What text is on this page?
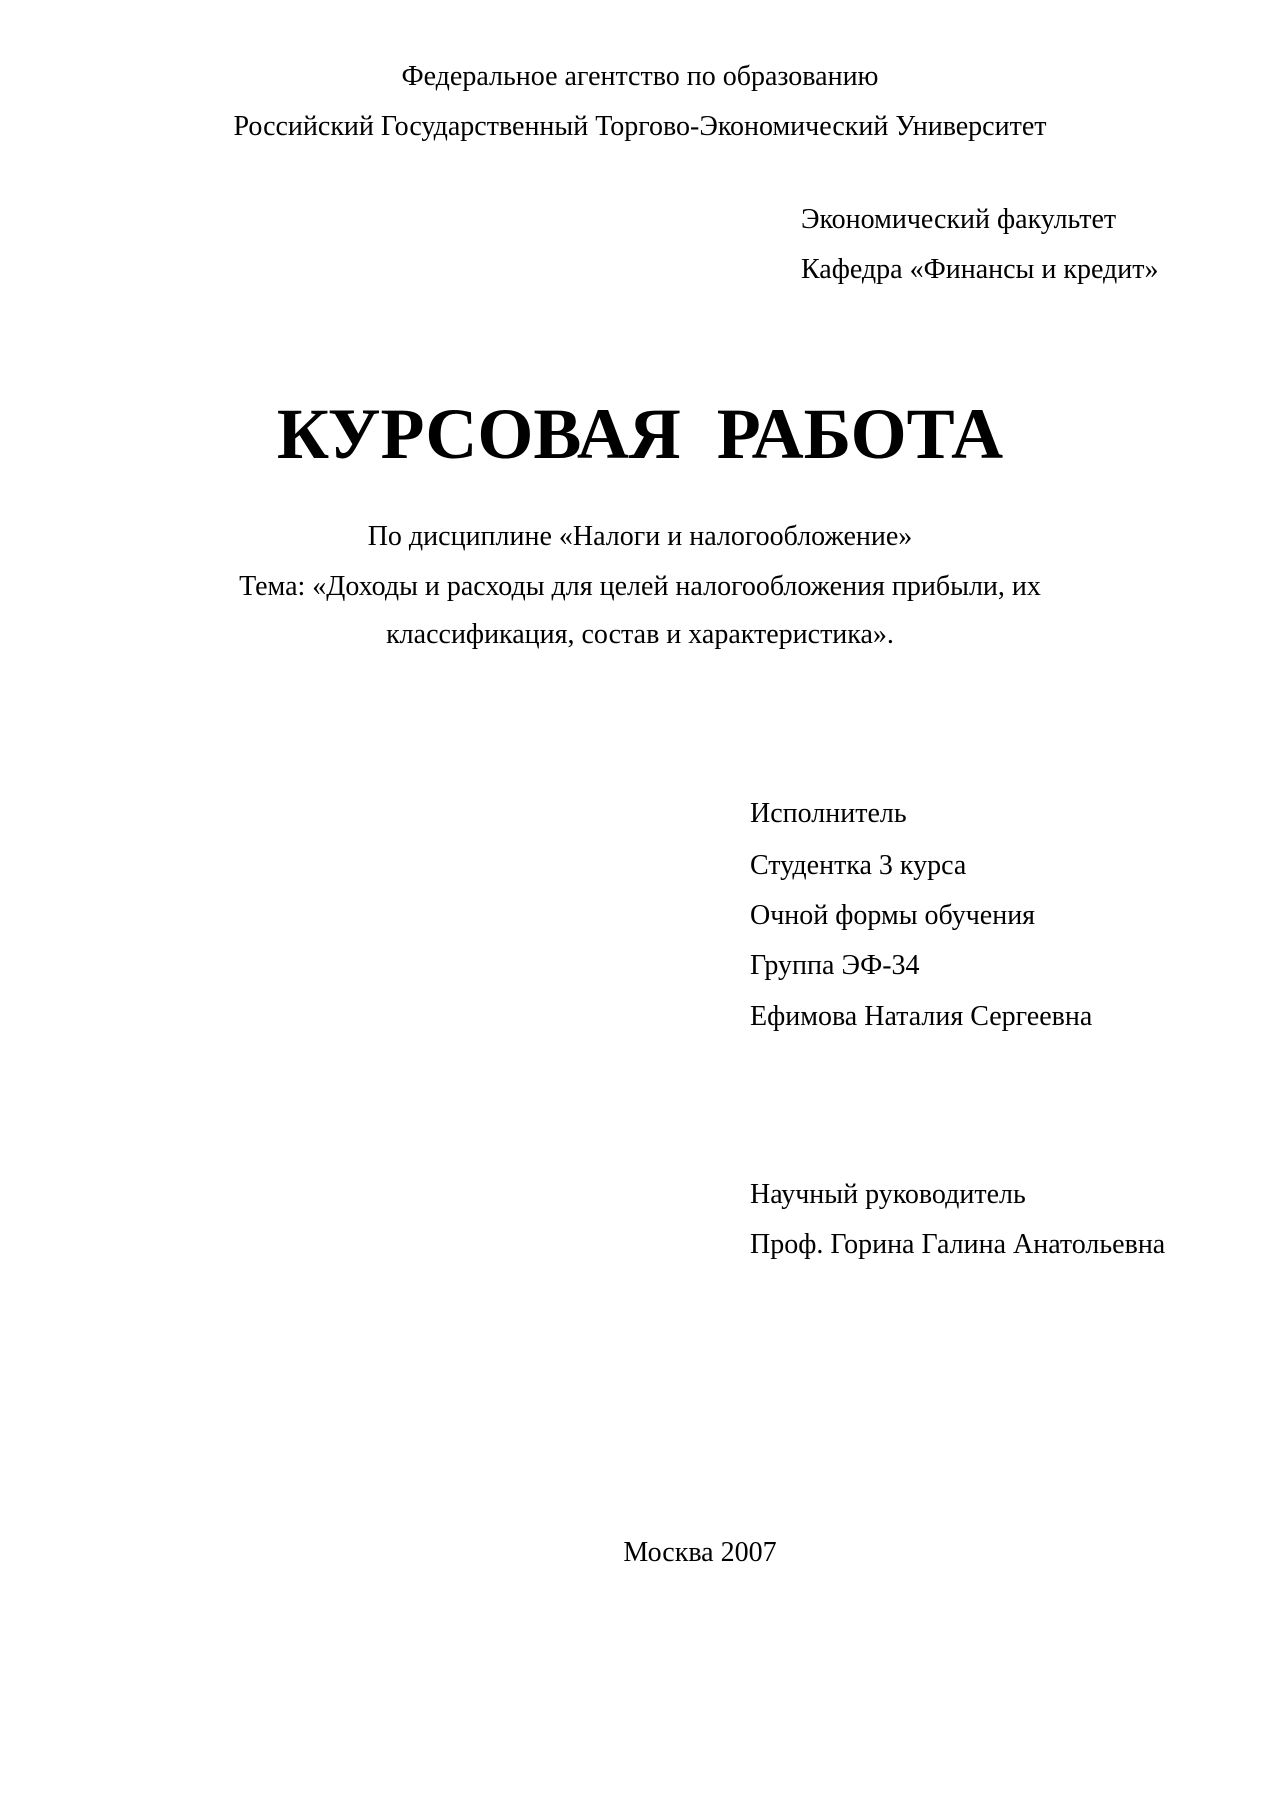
Федеральное агентство по образованию
Российский Государственный Торгово-Экономический Университет
Экономический факультет
Кафедра «Финансы и кредит»
КУРСОВАЯ  РАБОТА
По дисциплине «Налоги и налогообложение»
Тема: «Доходы и расходы для целей налогообложения прибыли, их
классификация, состав и характеристика».
Исполнитель
Студентка 3 курса
Очной формы обучения
Группа ЭФ-34
Ефимова Наталия Сергеевна
Научный руководитель
Проф. Горина Галина Анатольевна
Москва 2007
